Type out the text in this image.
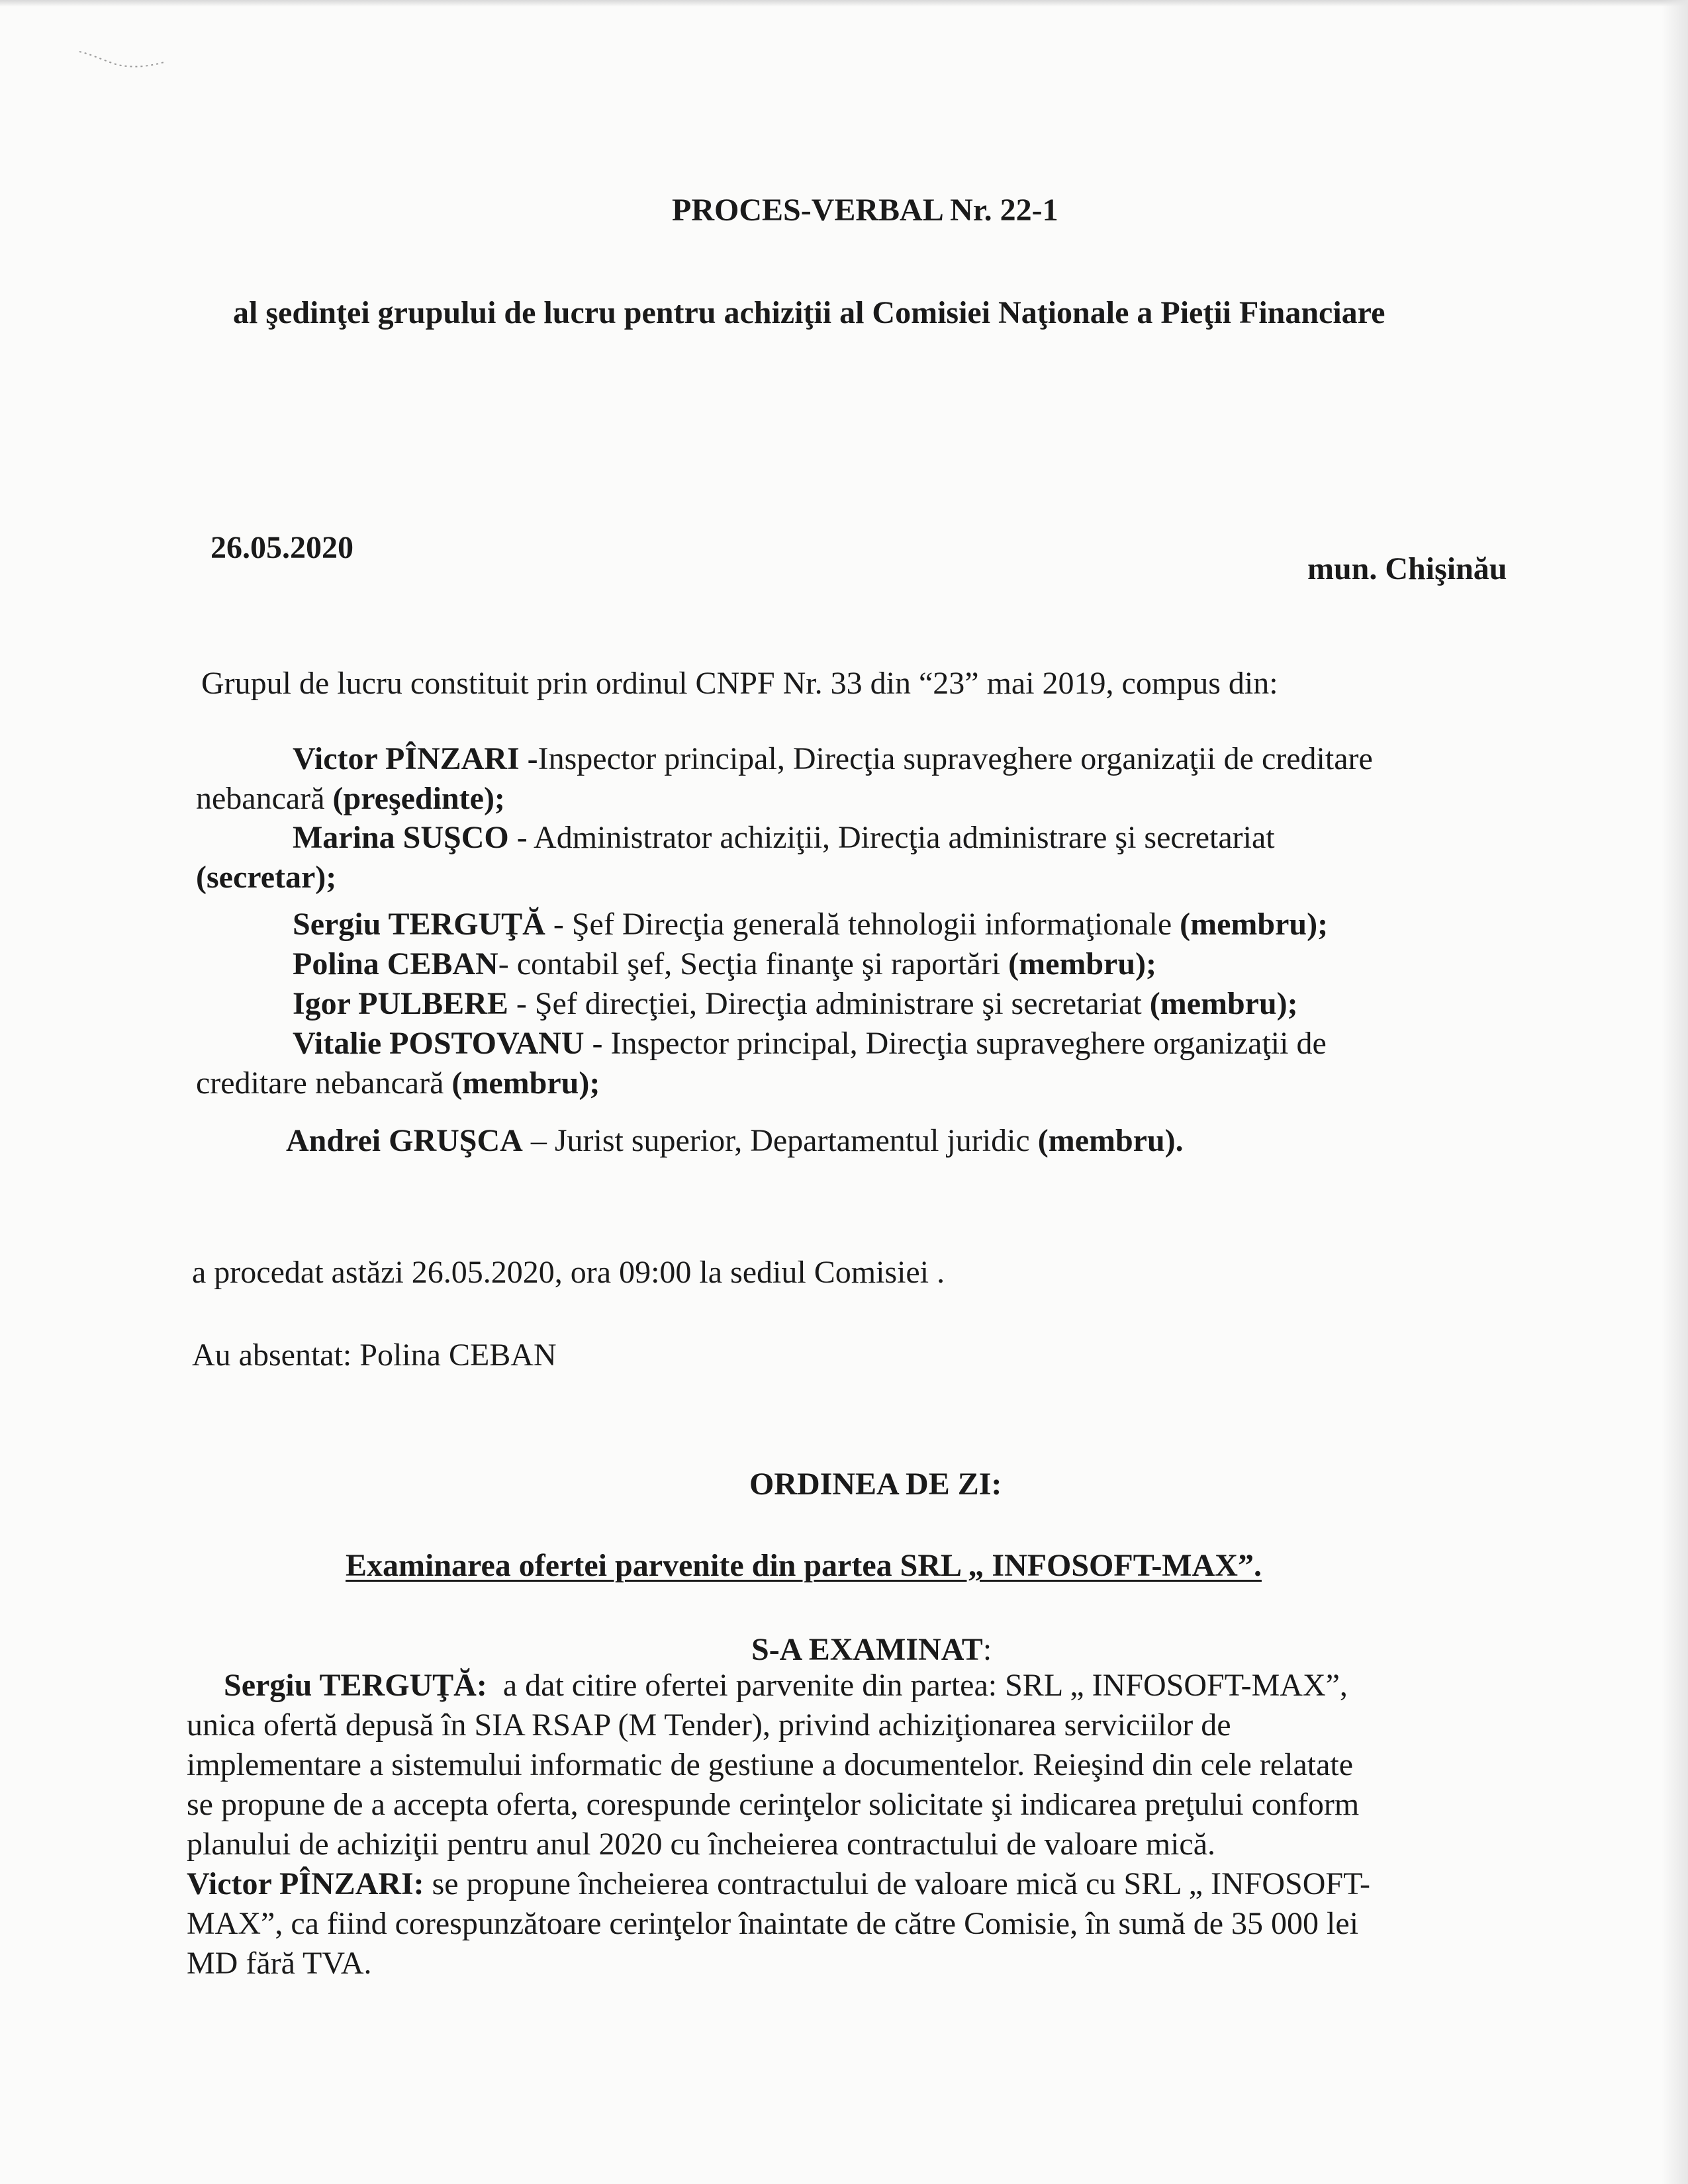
PROCES-VERBAL Nr. 22-1
al şedinţei grupului de lucru pentru achiziţii al Comisiei Naţionale a Pieţii Financiare
26.05.2020
mun. Chişinău
Grupul de lucru constituit prin ordinul CNPF Nr. 33 din “23” mai 2019, compus din:
Victor PÎNZARI -Inspector principal, Direcţia supraveghere organizaţii de creditare
nebancară (preşedinte);
Marina SUŞCO - Administrator achiziţii, Direcţia administrare şi secretariat
(secretar);
Sergiu TERGUŢĂ - Şef Direcţia generală tehnologii informaţionale (membru);
Polina CEBAN- contabil şef, Secţia finanţe şi raportări (membru);
Igor PULBERE - Şef direcţiei, Direcţia administrare şi secretariat (membru);
Vitalie POSTOVANU - Inspector principal, Direcţia supraveghere organizaţii de
creditare nebancară (membru);
Andrei GRUŞCA – Jurist superior, Departamentul juridic (membru).
a procedat astăzi 26.05.2020, ora 09:00 la sediul Comisiei .
Au absentat: Polina CEBAN
ORDINEA DE ZI:
Examinarea ofertei parvenite din partea SRL „ INFOSOFT-MAX”.
S-A EXAMINAT:
Sergiu TERGUŢĂ: a dat citire ofertei parvenite din partea: SRL „ INFOSOFT-MAX”,
unica ofertă depusă în SIA RSAP (M Tender), privind achiziţionarea serviciilor de
implementare a sistemului informatic de gestiune a documentelor. Reieşind din cele relatate
se propune de a accepta oferta, corespunde cerinţelor solicitate şi indicarea preţului conform
planului de achiziţii pentru anul 2020 cu încheierea contractului de valoare mică.
Victor PÎNZARI: se propune încheierea contractului de valoare mică cu SRL „ INFOSOFT-
MAX”, ca fiind corespunzătoare cerinţelor înaintate de către Comisie, în sumă de 35 000 lei
MD fără TVA.
